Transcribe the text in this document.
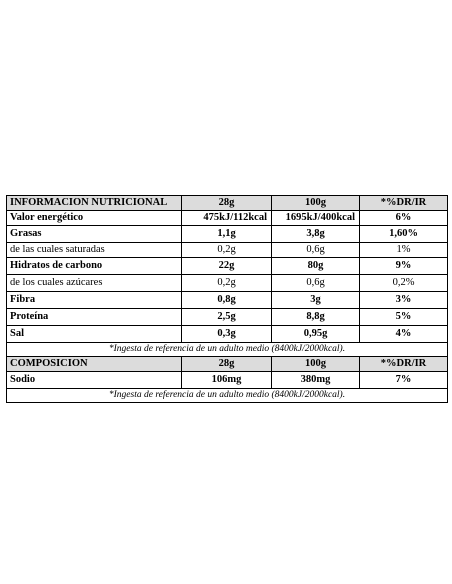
INFORMACION NUTRICIONAL	28g	100g	*%DR/IR
Valor energético	475kJ/112kcal	1695kJ/400kcal	6%
Grasas	1,1g	3,8g	1,60%
de las cuales saturadas	0,2g	0,6g	1%
Hidratos de carbono	22g	80g	9%
de los cuales azúcares	0,2g	0,6g	0,2%
Fibra	0,8g	3g	3%
Proteína	2,5g	8,8g	5%
Sal	0,3g	0,95g	4%
*Ingesta de referencia de un adulto medio (8400kJ/2000kcal).			
COMPOSICION	28g	100g	*%DR/IR
Sodio	106mg	380mg	7%
*Ingesta de referencia de un adulto medio (8400kJ/2000kcal).			
